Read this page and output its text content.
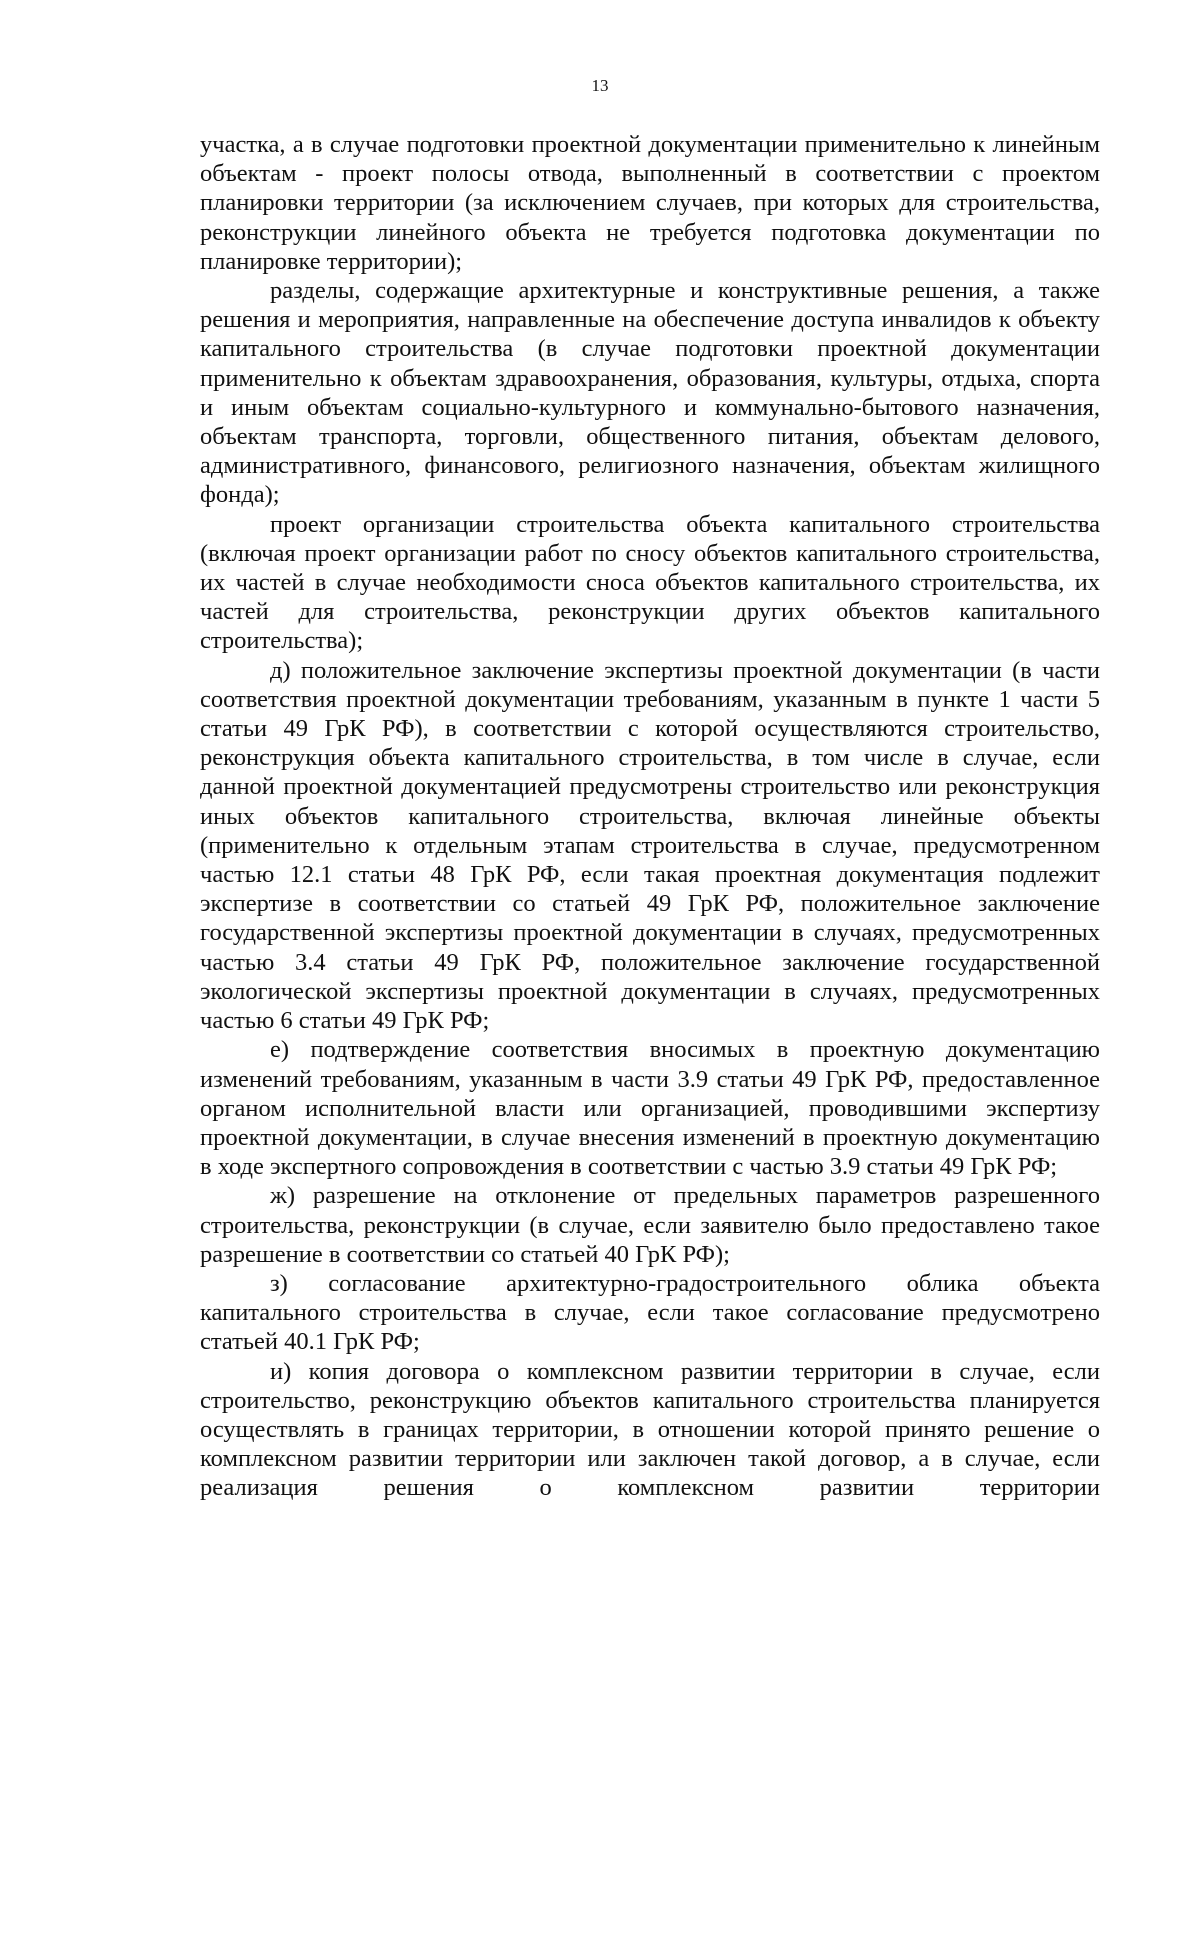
13

участка, а в случае подготовки проектной документации применительно к линейным объектам - проект полосы отвода, выполненный в соответствии с проектом планировки территории (за исключением случаев, при которых для строительства, реконструкции линейного объекта не требуется подготовка документации по планировке территории);

разделы, содержащие архитектурные и конструктивные решения, а также решения и мероприятия, направленные на обеспечение доступа инвалидов к объекту капитального строительства (в случае подготовки проектной документации применительно к объектам здравоохранения, образования, культуры, отдыха, спорта и иным объектам социально-культурного и коммунально-бытового назначения, объектам транспорта, торговли, общественного питания, объектам делового, административного, финансового, религиозного назначения, объектам жилищного фонда);

проект организации строительства объекта капитального строительства (включая проект организации работ по сносу объектов капитального строительства, их частей в случае необходимости сноса объектов капитального строительства, их частей для строительства, реконструкции других объектов капитального строительства);

д) положительное заключение экспертизы проектной документации (в части соответствия проектной документации требованиям, указанным в пункте 1 части 5 статьи 49 ГрК РФ), в соответствии с которой осуществляются строительство, реконструкция объекта капитального строительства, в том числе в случае, если данной проектной документацией предусмотрены строительство или реконструкция иных объектов капитального строительства, включая линейные объекты (применительно к отдельным этапам строительства в случае, предусмотренном частью 12.1 статьи 48 ГрК РФ, если такая проектная документация подлежит экспертизе в соответствии со статьей 49 ГрК РФ, положительное заключение государственной экспертизы проектной документации в случаях, предусмотренных частью 3.4 статьи 49 ГрК РФ, положительное заключение государственной экологической экспертизы проектной документации в случаях, предусмотренных частью 6 статьи 49 ГрК РФ;

е) подтверждение соответствия вносимых в проектную документацию изменений требованиям, указанным в части 3.9 статьи 49 ГрК РФ, предоставленное органом исполнительной власти или организацией, проводившими экспертизу проектной документации, в случае внесения изменений в проектную документацию в ходе экспертного сопровождения в соответствии с частью 3.9 статьи 49 ГрК РФ;

ж) разрешение на отклонение от предельных параметров разрешенного строительства, реконструкции (в случае, если заявителю было предоставлено такое разрешение в соответствии со статьей 40 ГрК РФ);

з) согласование архитектурно-градостроительного облика объекта капитального строительства в случае, если такое согласование предусмотрено статьей 40.1 ГрК РФ;

и) копия договора о комплексном развитии территории в случае, если строительство, реконструкцию объектов капитального строительства планируется осуществлять в границах территории, в отношении которой принято решение о комплексном развитии территории или заключен такой договор, а в случае, если реализация решения о комплексном развитии территории
